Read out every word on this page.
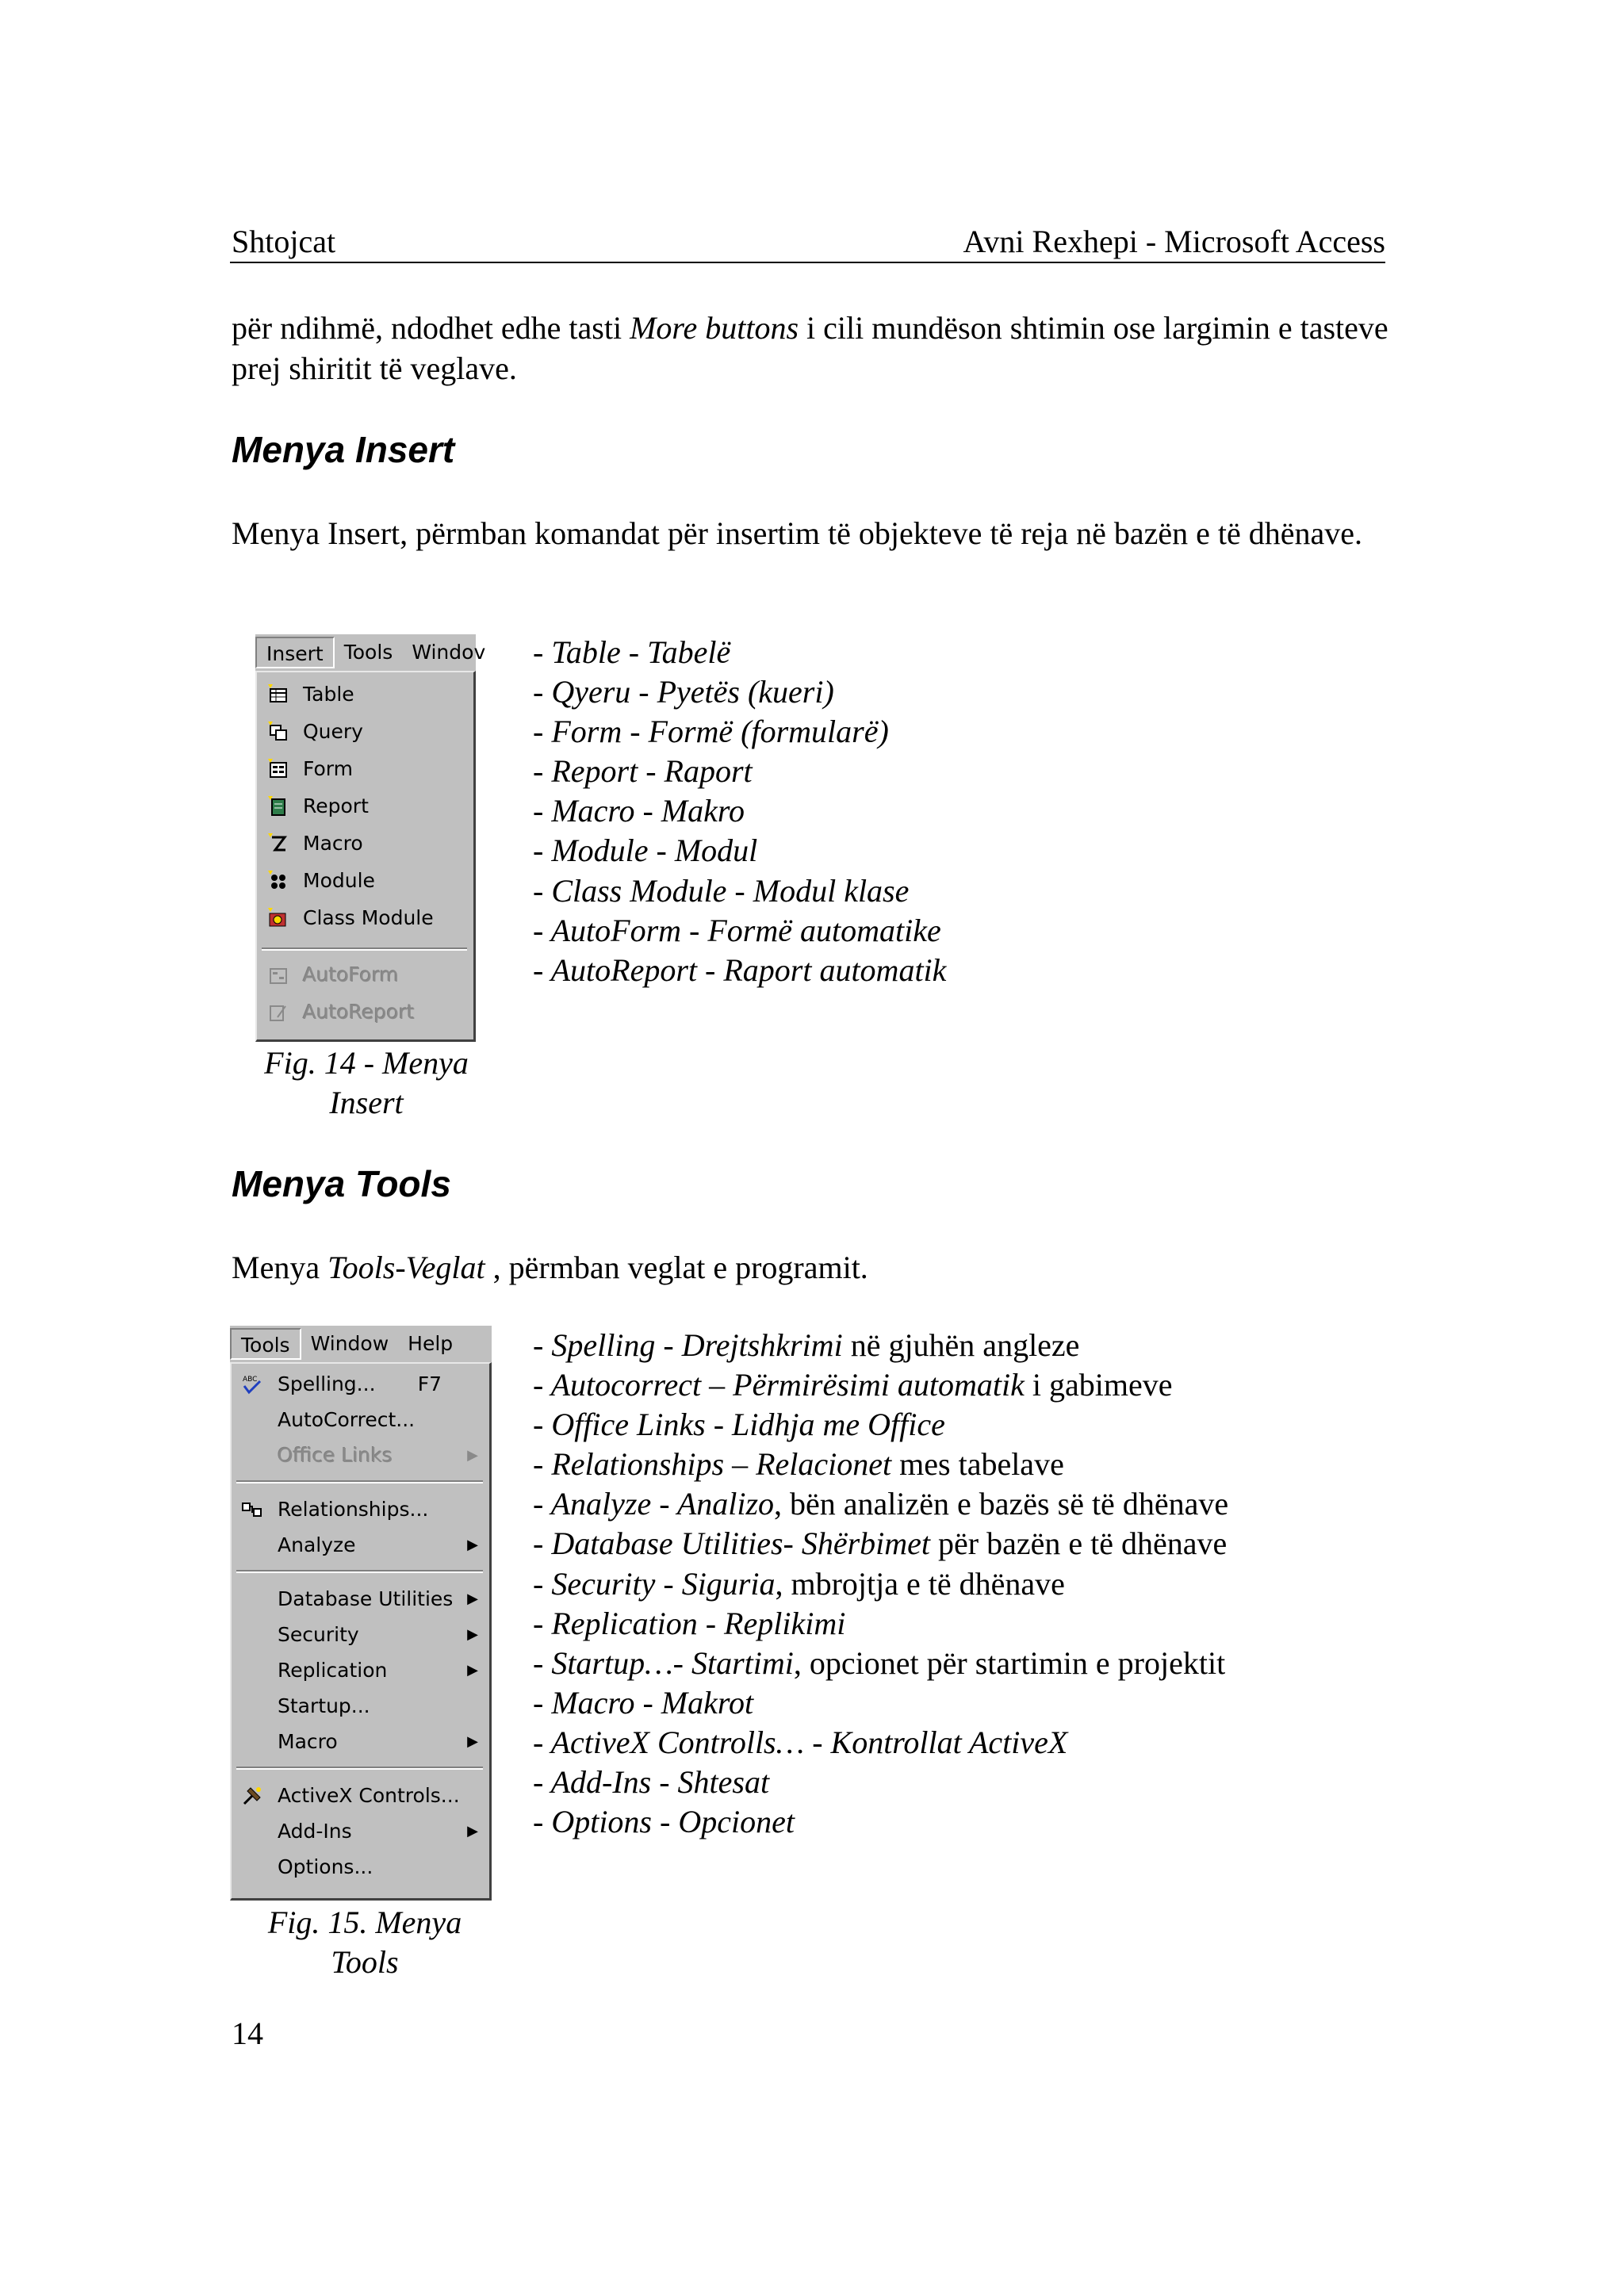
Shtojcat	Avni Rexhepi - Microsoft Access
për ndihmë, ndodhet edhe tasti More buttons i cili mundëson shtimin ose largimin e tasteve prej shiritit të veglave.
Menya Insert
Menya Insert, përmban komandat për insertim të objekteve të reja në bazën e të dhënave.
Insert	Tools Windov
Table
Query
Form
Report
Macro
Module
Class Module
AutoForm
AutoReport
Fig. 14 - Menya
Insert
- Table - Tabelë
- Qyeru - Pyetës (kueri)
- Form - Formë (formularë)
- Report - Raport
- Macro - Makro
- Module - Modul
- Class Module - Modul klase
- AutoForm - Formë automatike
- AutoReport - Raport automatik
Menya Tools
Menya Tools-Veglat , përmban veglat e programit.
Tools	Window Help
ABC Spelling... F7
AutoCorrect...
Office Links	▶
Relationships...
Analyze	▶
Database Utilities ▶
Security	▶
Replication	▶
Startup...
Macro	▶
ActiveX Controls...
Add-Ins	▶
Options...
Fig. 15. Menya
Tools
- Spelling - Drejtshkrimi në gjuhën angleze
- Autocorrect – Përmirësimi automatik i gabimeve
- Office Links - Lidhja me Office
- Relationships – Relacionet mes tabelave
- Analyze - Analizo, bën analizën e bazës së të dhënave
- Database Utilities- Shërbimet për bazën e të dhënave
- Security - Siguria, mbrojtja e të dhënave
- Replication - Replikimi
- Startup…- Startimi, opcionet për startimin e projektit
- Macro - Makrot
- ActiveX Controlls… - Kontrollat ActiveX
- Add-Ins - Shtesat
- Options - Opcionet
14
